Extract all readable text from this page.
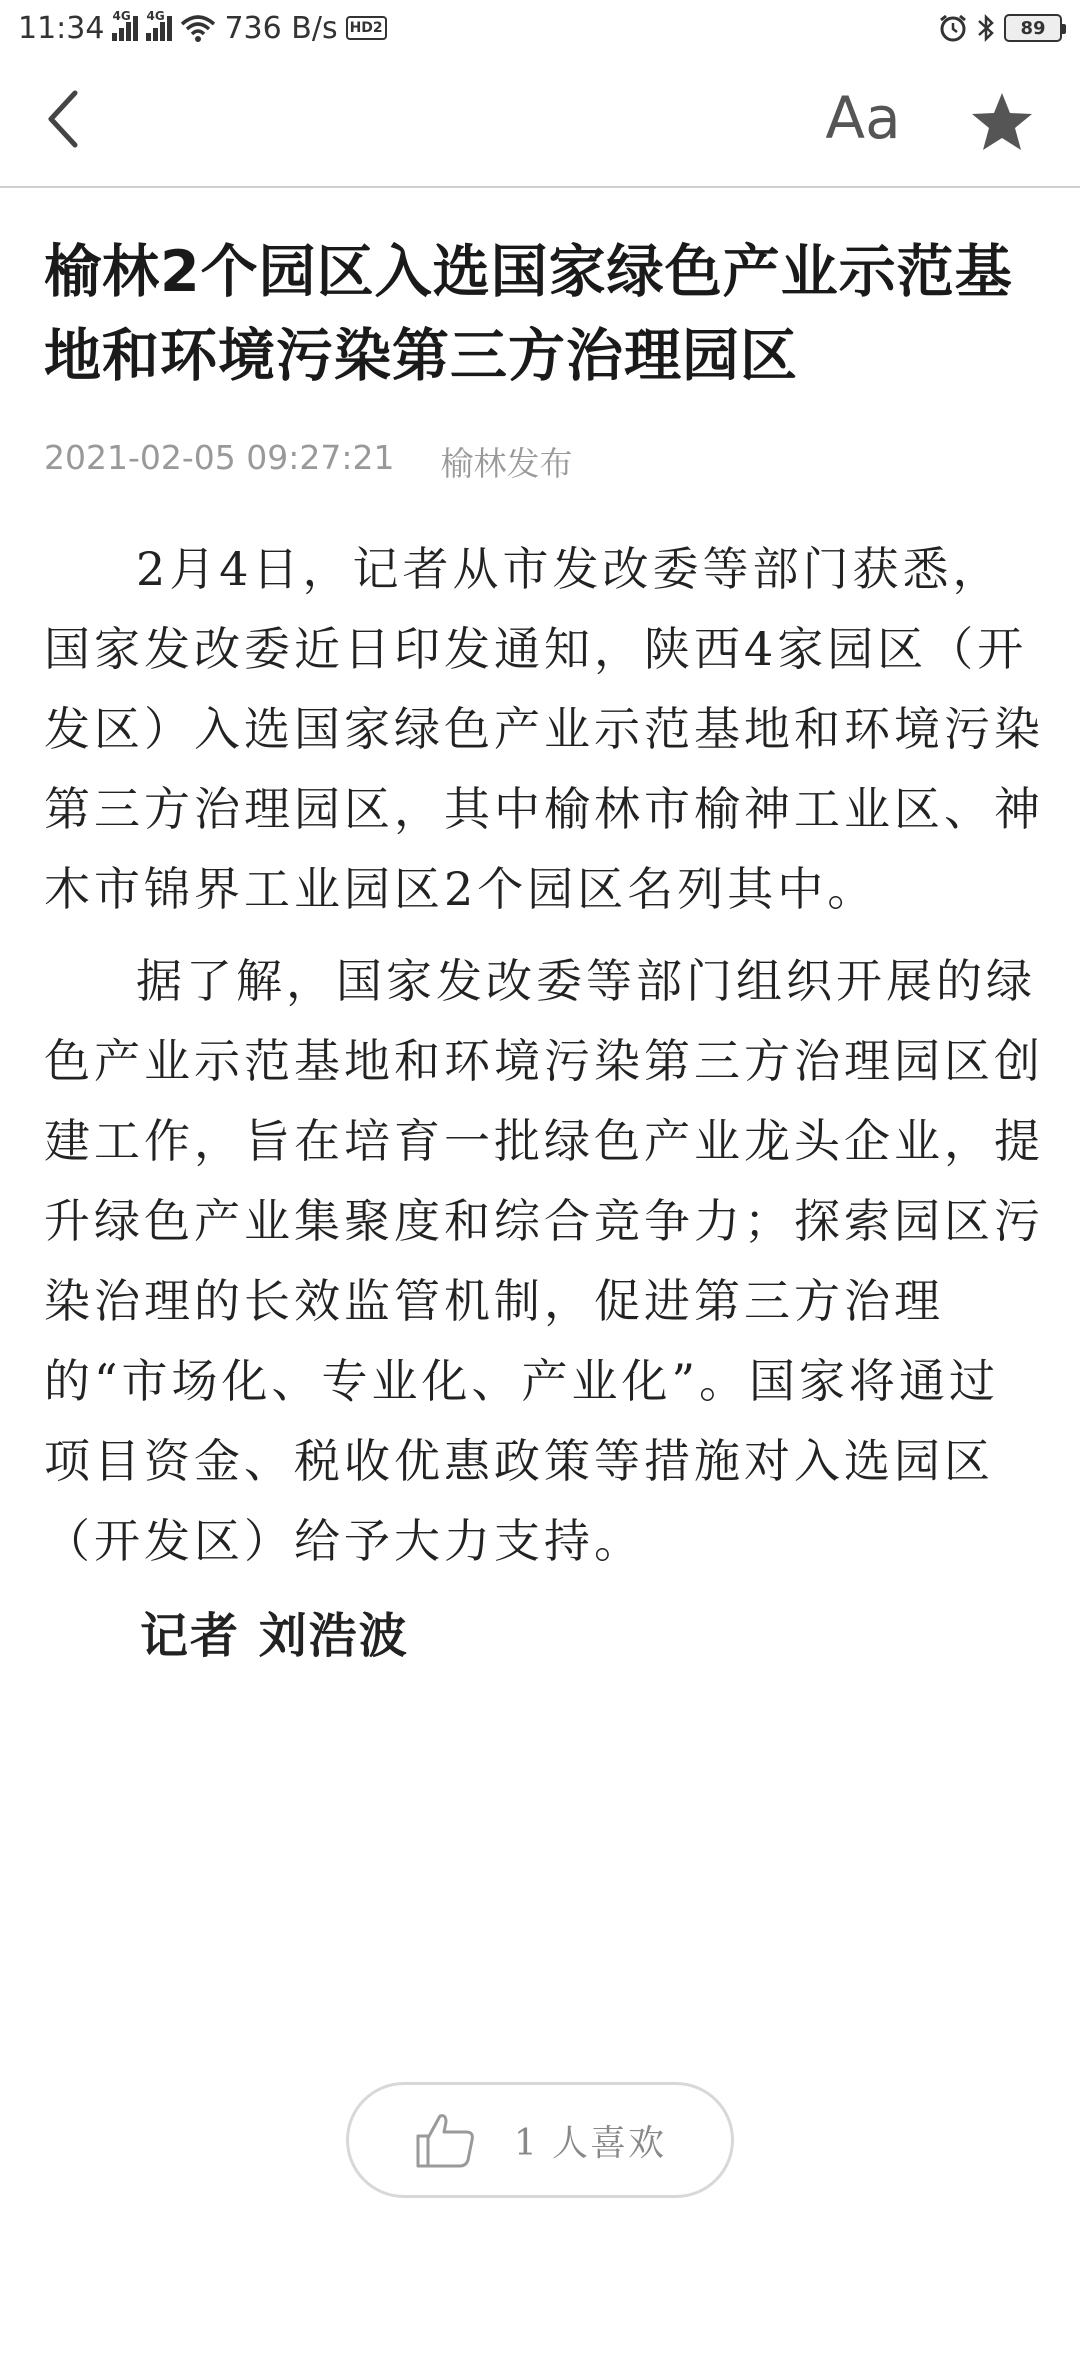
11:34 4G 4G 736 B/s HD2	89
Aa
榆林2个园区入选国家绿色产业示范基地和环境污染第三方治理园区
2021-02-05 09:27:21 榆林发布

2月4日，记者从市发改委等部门获悉，国家发改委近日印发通知，陕西4家园区（开发区）入选国家绿色产业示范基地和环境污染第三方治理园区，其中榆林市榆神工业区、神木市锦界工业园区2个园区名列其中。

据了解，国家发改委等部门组织开展的绿色产业示范基地和环境污染第三方治理园区创建工作，旨在培育一批绿色产业龙头企业，提升绿色产业集聚度和综合竞争力；探索园区污染治理的长效监管机制，促进第三方治理的“市场化、专业化、产业化”。国家将通过项目资金、税收优惠政策等措施对入选园区（开发区）给予大力支持。

记者 刘浩波
1 人喜欢
